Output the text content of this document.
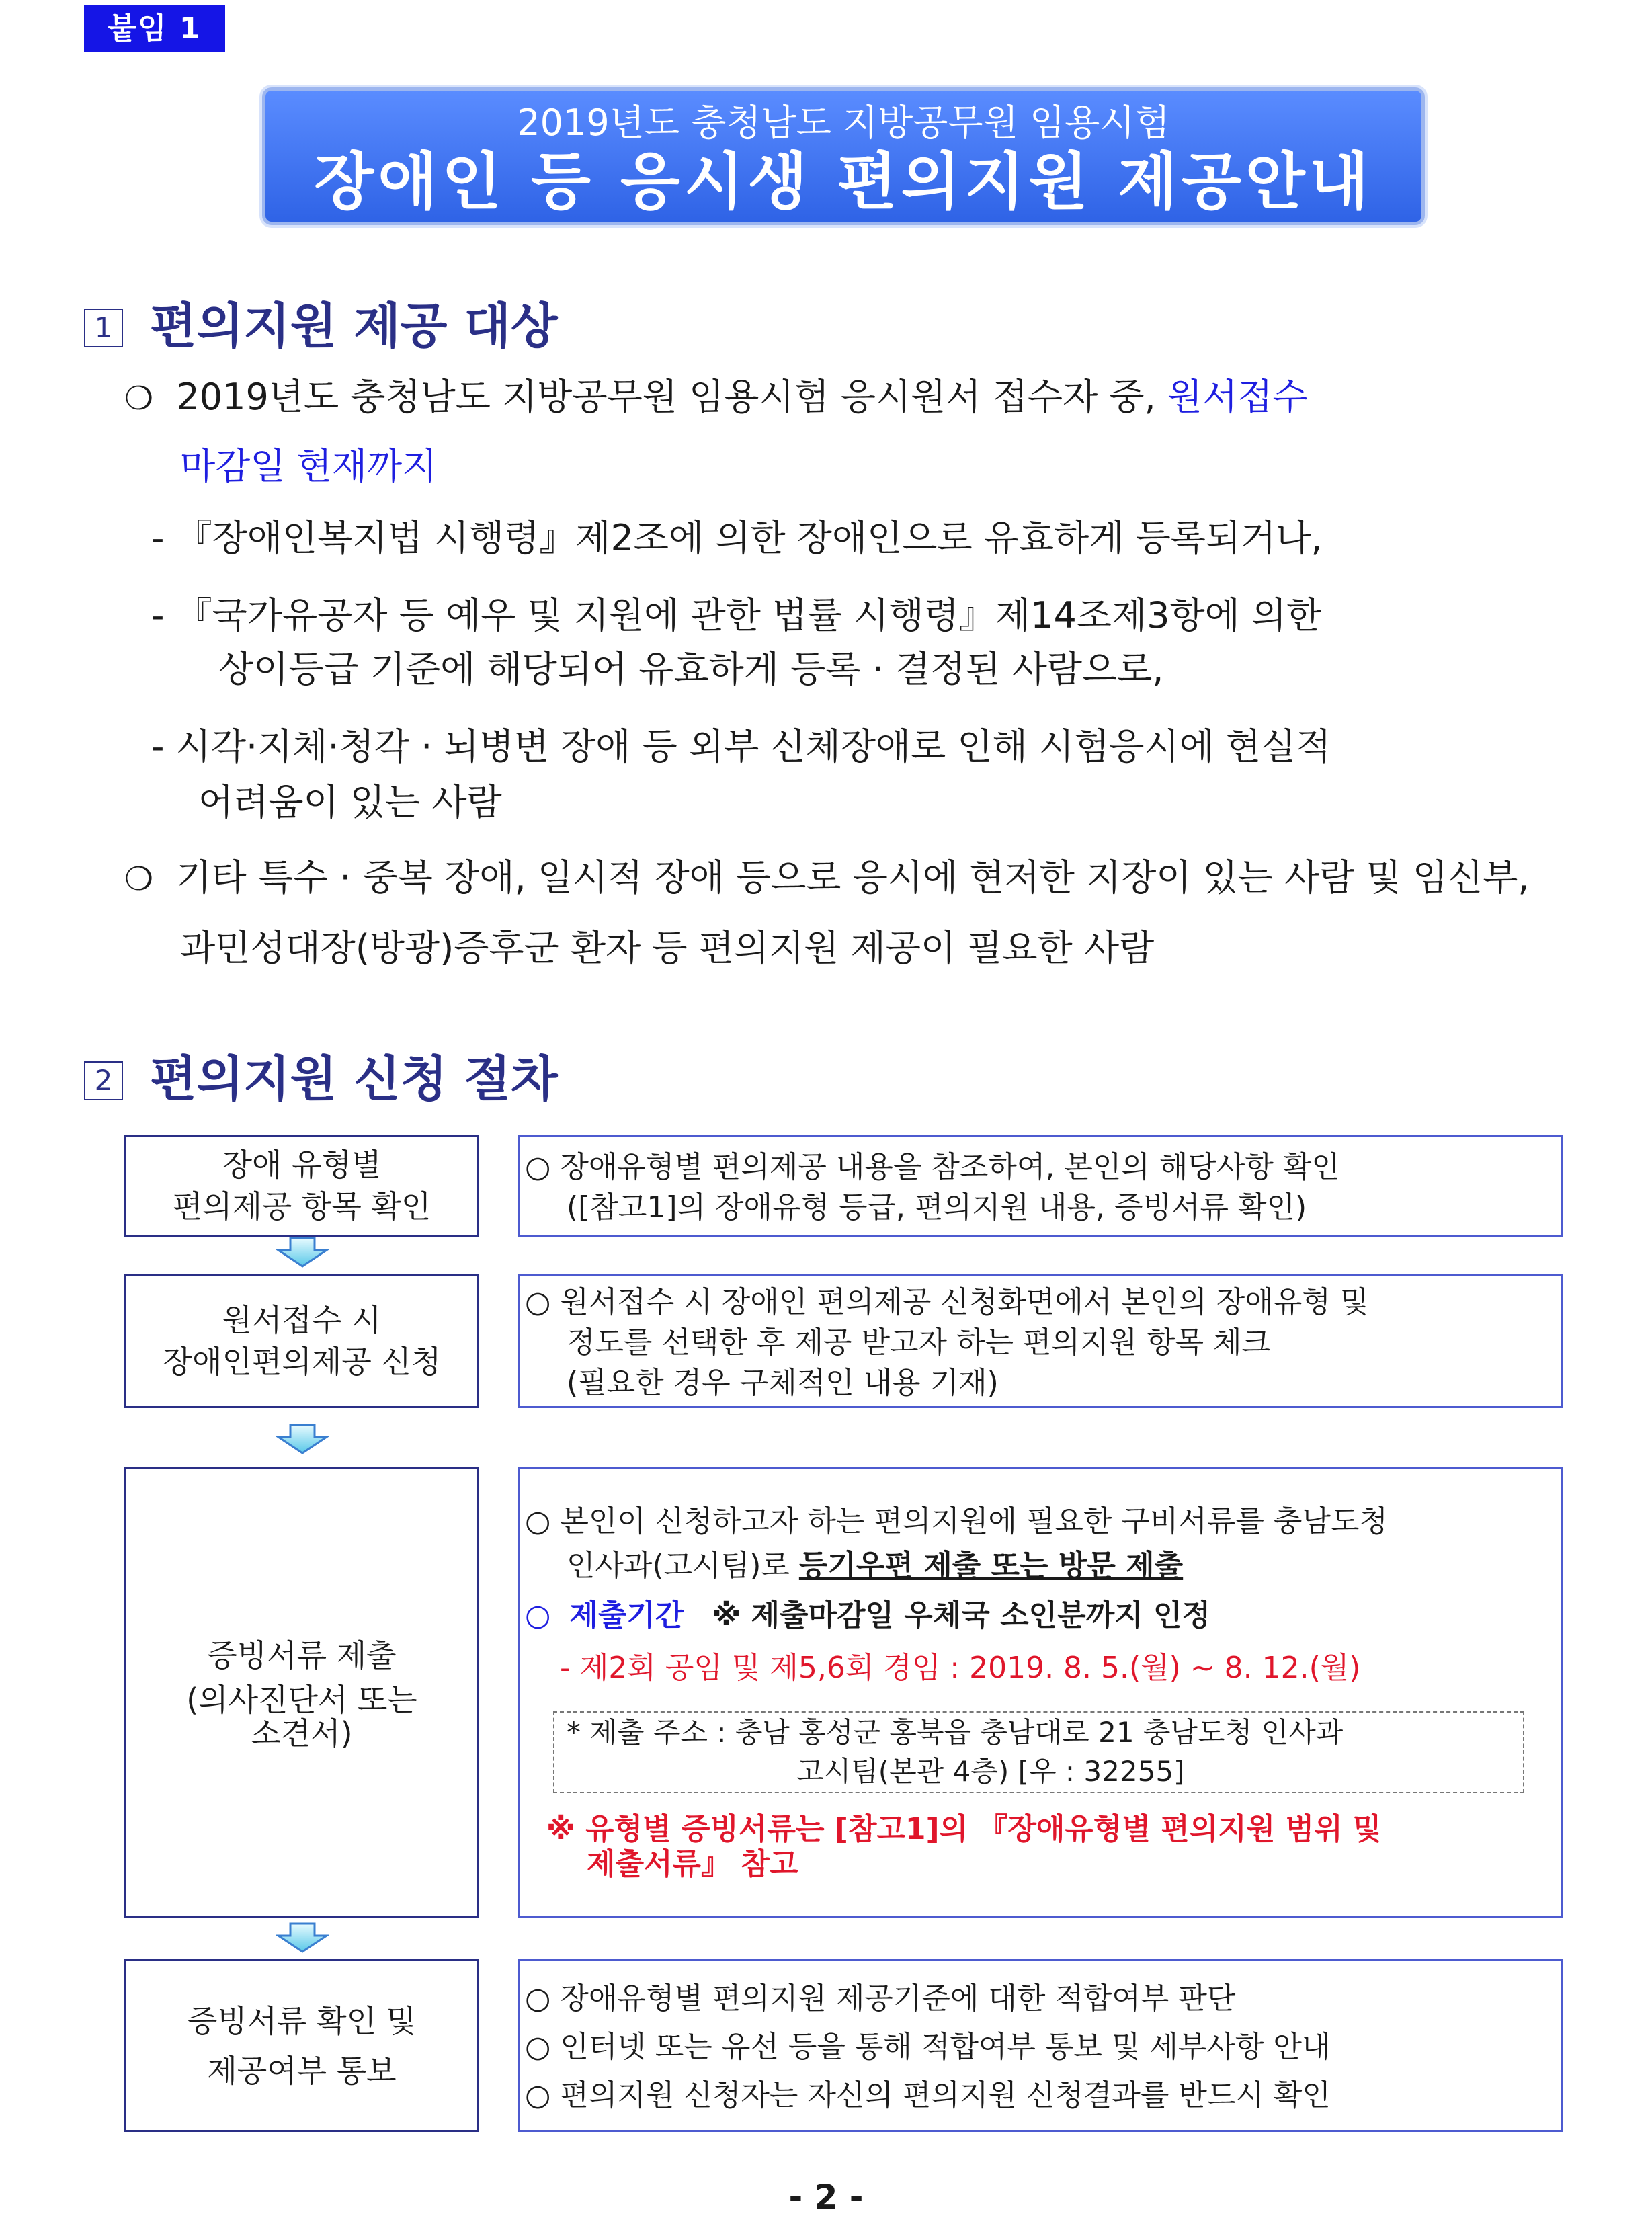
붙임 1
2019년도 충청남도 지방공무원 임용시험
장애인 등 응시생 편의지원 제공안내
1 편의지원 제공 대상
❍ 2019년도 충청남도 지방공무원 임용시험 응시원서 접수자 중, 원서접수
마감일 현재까지
- 『장애인복지법 시행령』제2조에 의한 장애인으로 유효하게 등록되거나,
- 『국가유공자 등 예우 및 지원에 관한 법률 시행령』제14조제3항에 의한
상이등급 기준에 해당되어 유효하게 등록 · 결정된 사람으로,
- 시각·지체·청각 · 뇌병변 장애 등 외부 신체장애로 인해 시험응시에 현실적
어려움이 있는 사람
❍ 기타 특수 · 중복 장애, 일시적 장애 등으로 응시에 현저한 지장이 있는 사람 및 임신부,
과민성대장(방광)증후군 환자 등 편의지원 제공이 필요한 사람
2 편의지원 신청 절차
장애 유형별
편의제공 항목 확인
○ 장애유형별 편의제공 내용을 참조하여, 본인의 해당사항 확인
([참고1]의 장애유형 등급, 편의지원 내용, 증빙서류 확인)
원서접수 시
장애인편의제공 신청
○ 원서접수 시 장애인 편의제공 신청화면에서 본인의 장애유형 및
정도를 선택한 후 제공 받고자 하는 편의지원 항목 체크
(필요한 경우 구체적인 내용 기재)
증빙서류 제출
(의사진단서 또는
소견서)
○ 본인이 신청하고자 하는 편의지원에 필요한 구비서류를 충남도청
인사과(고시팀)로 등기우편 제출 또는 방문 제출
○ 제출기간 ※ 제출마감일 우체국 소인분까지 인정
- 제2회 공임 및 제5,6회 경임 : 2019. 8. 5.(월) ~ 8. 12.(월)
* 제출 주소 : 충남 홍성군 홍북읍 충남대로 21 충남도청 인사과
고시팀(본관 4층) [우 : 32255]
※ 유형별 증빙서류는 [참고1]의 『장애유형별 편의지원 범위 및
제출서류』 참고
증빙서류 확인 및
제공여부 통보
○ 장애유형별 편의지원 제공기준에 대한 적합여부 판단
○ 인터넷 또는 유선 등을 통해 적합여부 통보 및 세부사항 안내
○ 편의지원 신청자는 자신의 편의지원 신청결과를 반드시 확인
- 2 -
